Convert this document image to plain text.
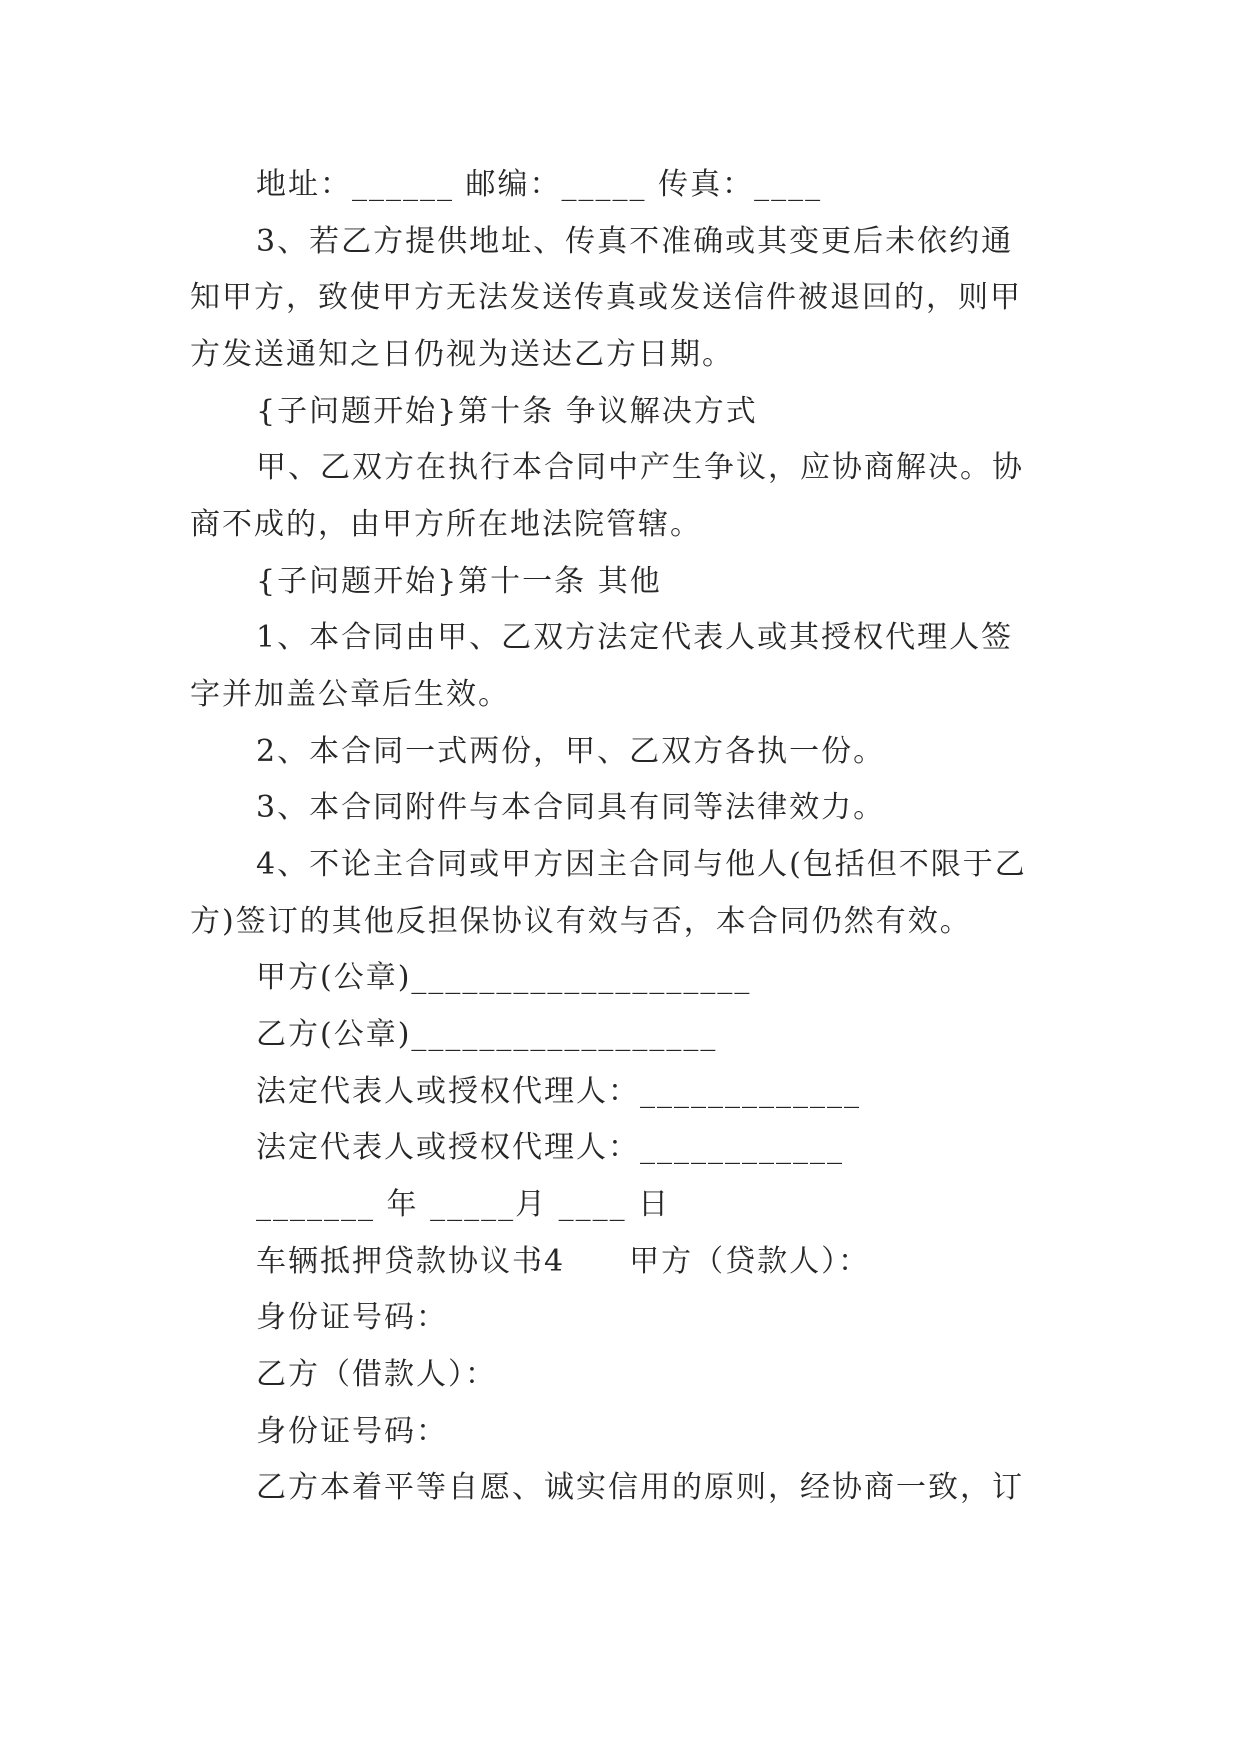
地址：______ 邮编：_____ 传真：____
3、若乙方提供地址、传真不准确或其变更后未依约通
知甲方，致使甲方无法发送传真或发送信件被退回的，则甲
方发送通知之日仍视为送达乙方日期。
{子问题开始}第十条 争议解决方式
甲、乙双方在执行本合同中产生争议，应协商解决。协
商不成的，由甲方所在地法院管辖。
{子问题开始}第十一条 其他
1、本合同由甲、乙双方法定代表人或其授权代理人签
字并加盖公章后生效。
2、本合同一式两份，甲、乙双方各执一份。
3、本合同附件与本合同具有同等法律效力。
4、不论主合同或甲方因主合同与他人(包括但不限于乙
方)签订的其他反担保协议有效与否，本合同仍然有效。
甲方(公章)____________________
乙方(公章)__________________
法定代表人或授权代理人：_____________
法定代表人或授权代理人：____________
_______ 年 _____月 ____ 日
车辆抵押贷款协议书4　　甲方（贷款人）：
身份证号码：
乙方（借款人）：
身份证号码：
乙方本着平等自愿、诚实信用的原则，经协商一致，订
